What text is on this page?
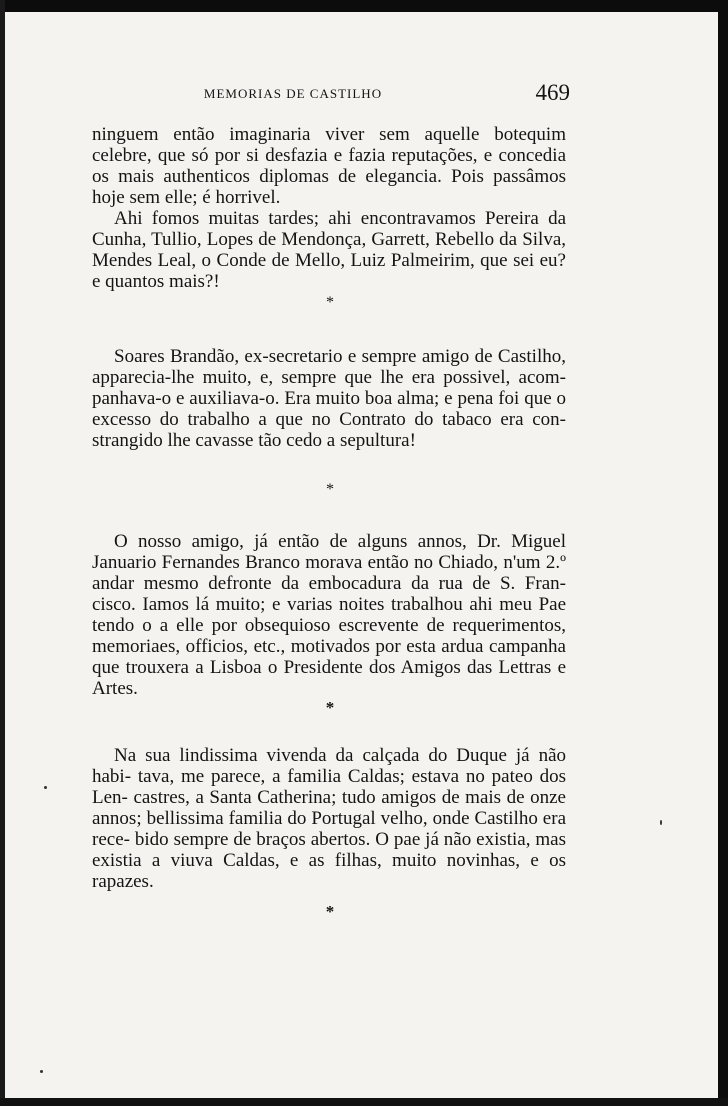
MEMORIAS DE CASTILHO	469

ninguem então imaginaria viver sem aquelle botequim celebre, que só por si desfazia e fazia reputações, e concedia os mais authenticos diplomas de elegancia. Pois passâmos hoje sem elle; é horrivel.

Ahi fomos muitas tardes; ahi encontravamos Pereira da Cunha, Tullio, Lopes de Mendonça, Garrett, Rebello da Silva, Mendes Leal, o Conde de Mello, Luiz Palmeirim, que sei eu? e quantos mais?!

*

Soares Brandão, ex-secretario e sempre amigo de Castilho, apparecia-lhe muito, e, sempre que lhe era possivel, acom- panhava-o e auxiliava-o. Era muito boa alma; e pena foi que o excesso do trabalho a que no Contrato do tabaco era con- strangido lhe cavasse tão cedo a sepultura!

*

O nosso amigo, já então de alguns annos, Dr. Miguel Januario Fernandes Branco morava então no Chiado, n'um 2.º andar mesmo defronte da embocadura da rua de S. Fran- cisco. Iamos lá muito; e varias noites trabalhou ahi meu Pae tendo o a elle por obsequioso escrevente de requerimentos, memoriaes, officios, etc., motivados por esta ardua campanha que trouxera a Lisboa o Presidente dos Amigos das Lettras e Artes.

*

Na sua lindissima vivenda da calçada do Duque já não habi- tava, me parece, a familia Caldas; estava no pateo dos Len- castres, a Santa Catherina; tudo amigos de mais de onze annos; bellissima familia do Portugal velho, onde Castilho era rece- bido sempre de braços abertos. O pae já não existia, mas existia a viuva Caldas, e as filhas, muito novinhas, e os rapazes.

*
